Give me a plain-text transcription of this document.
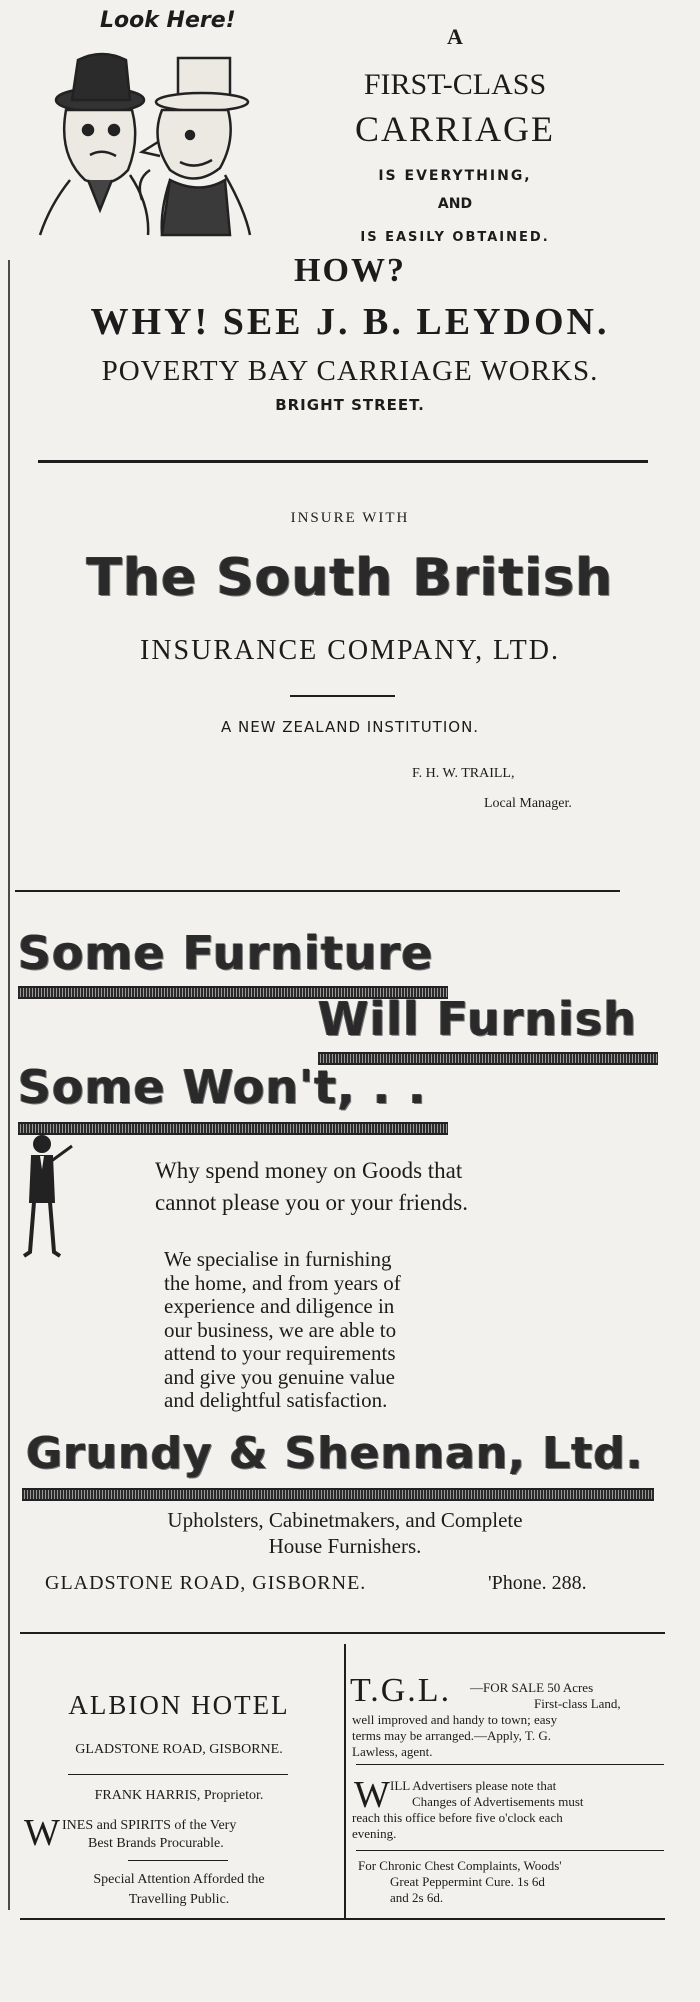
Look Here!
A
FIRST-CLASS
CARRIAGE
IS EVERYTHING,
AND
IS EASILY OBTAINED.
HOW?
WHY! SEE J. B. LEYDON.
POVERTY BAY CARRIAGE WORKS.
BRIGHT STREET.
INSURE WITH
The South British
INSURANCE COMPANY, LTD.
A NEW ZEALAND INSTITUTION.
F. H. W. TRAILL,
Local Manager.
Some Furniture
Will Furnish
Some Won't, . .
Why spend money on Goods that
cannot please you or your friends.
We specialise in furnishing
the home, and from years of
experience and diligence in
our business, we are able to
attend to your requirements
and give you genuine value
and delightful satisfaction.
Grundy & Shennan, Ltd.
Upholsters, Cabinetmakers, and Complete
House Furnishers.
GLADSTONE ROAD, GISBORNE.	'Phone. 288.
ALBION HOTEL
GLADSTONE ROAD, GISBORNE.
FRANK HARRIS, Proprietor.
W INES and SPIRITS of the Very
Best Brands Procurable.
Special Attention Afforded the
Travelling Public.
T.G.L. —FOR SALE 50 Acres
First-class Land,
well improved and handy to town; easy
terms may be arranged.—Apply, T. G.
Lawless, agent.
W ILL Advertisers please note that
Changes of Advertisements must
reach this office before five o'clock each
evening.
For Chronic Chest Complaints, Woods'
Great Peppermint Cure. 1s 6d
and 2s 6d.
